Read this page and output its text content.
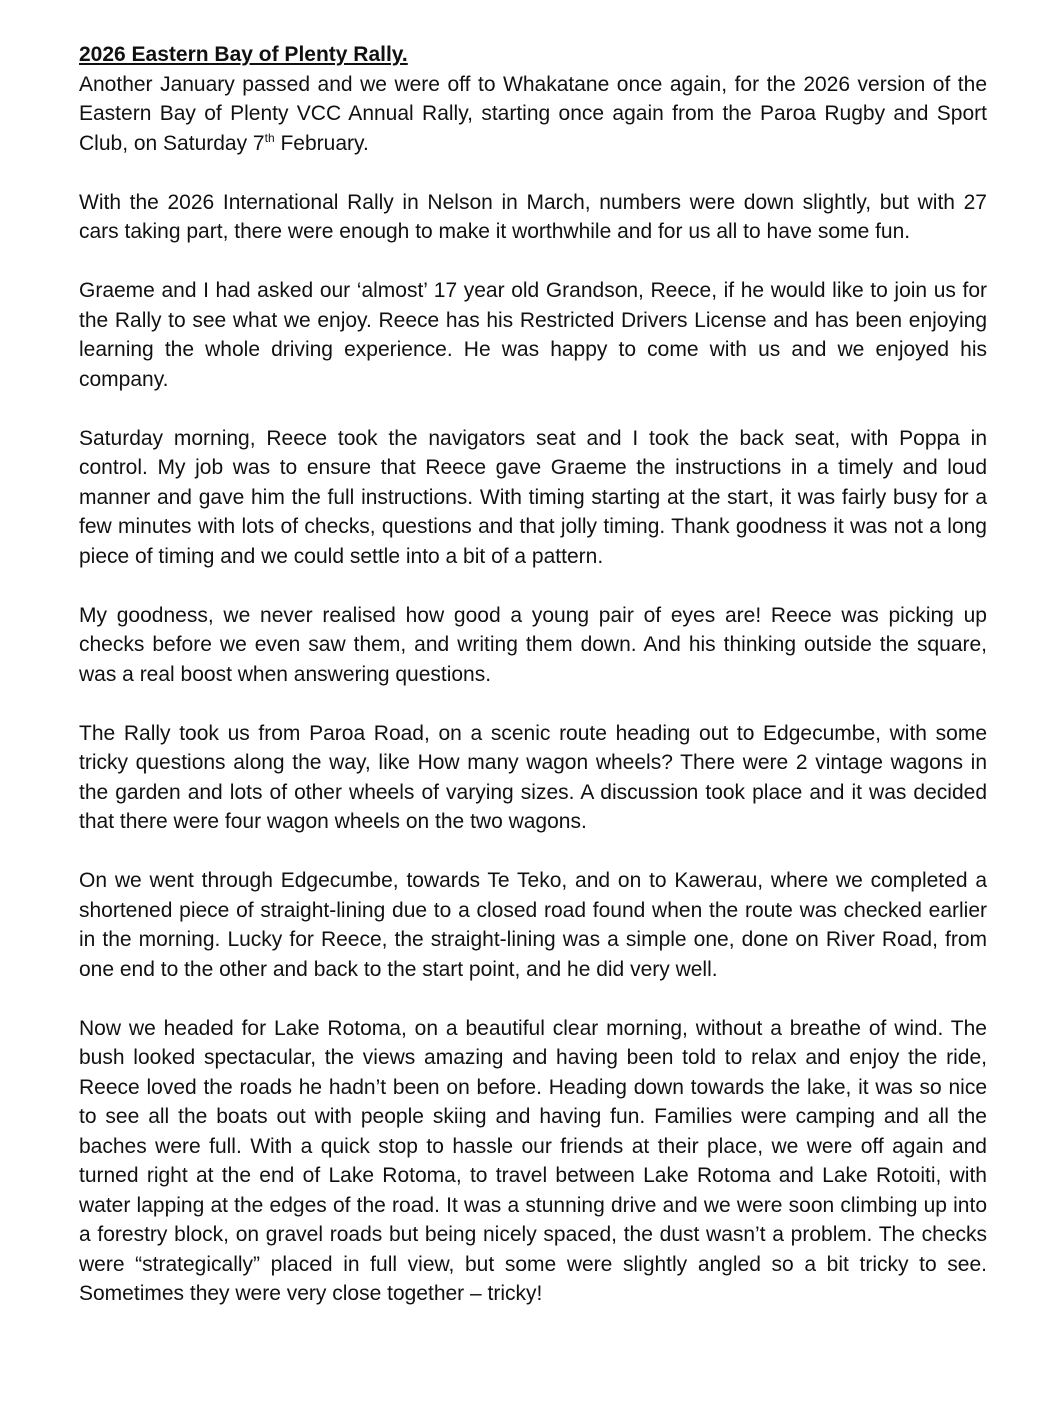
2026 Eastern Bay of Plenty Rally.

Another January passed and we were off to Whakatane once again, for the 2026 version of the Eastern Bay of Plenty VCC Annual Rally, starting once again from the Paroa Rugby and Sport Club, on Saturday 7th February.

With the 2026 International Rally in Nelson in March, numbers were down slightly, but with 27 cars taking part, there were enough to make it worthwhile and for us all to have some fun.

Graeme and I had asked our ‘almost’ 17 year old Grandson, Reece, if he would like to join us for the Rally to see what we enjoy. Reece has his Restricted Drivers License and has been enjoying learning the whole driving experience. He was happy to come with us and we enjoyed his company.

Saturday morning, Reece took the navigators seat and I took the back seat, with Poppa in control. My job was to ensure that Reece gave Graeme the instructions in a timely and loud manner and gave him the full instructions. With timing starting at the start, it was fairly busy for a few minutes with lots of checks, questions and that jolly timing. Thank goodness it was not a long piece of timing and we could settle into a bit of a pattern.

My goodness, we never realised how good a young pair of eyes are! Reece was picking up checks before we even saw them, and writing them down. And his thinking outside the square, was a real boost when answering questions.

The Rally took us from Paroa Road, on a scenic route heading out to Edgecumbe, with some tricky questions along the way, like How many wagon wheels? There were 2 vintage wagons in the garden and lots of other wheels of varying sizes. A discussion took place and it was decided that there were four wagon wheels on the two wagons.

On we went through Edgecumbe, towards Te Teko, and on to Kawerau, where we completed a shortened piece of straight-lining due to a closed road found when the route was checked earlier in the morning. Lucky for Reece, the straight-lining was a simple one, done on River Road, from one end to the other and back to the start point, and he did very well.

Now we headed for Lake Rotoma, on a beautiful clear morning, without a breathe of wind. The bush looked spectacular, the views amazing and having been told to relax and enjoy the ride, Reece loved the roads he hadn’t been on before. Heading down towards the lake, it was so nice to see all the boats out with people skiing and having fun. Families were camping and all the baches were full. With a quick stop to hassle our friends at their place, we were off again and turned right at the end of Lake Rotoma, to travel between Lake Rotoma and Lake Rotoiti, with water lapping at the edges of the road. It was a stunning drive and we were soon climbing up into a forestry block, on gravel roads but being nicely spaced, the dust wasn’t a problem. The checks were “strategically” placed in full view, but some were slightly angled so a bit tricky to see. Sometimes they were very close together – tricky!
